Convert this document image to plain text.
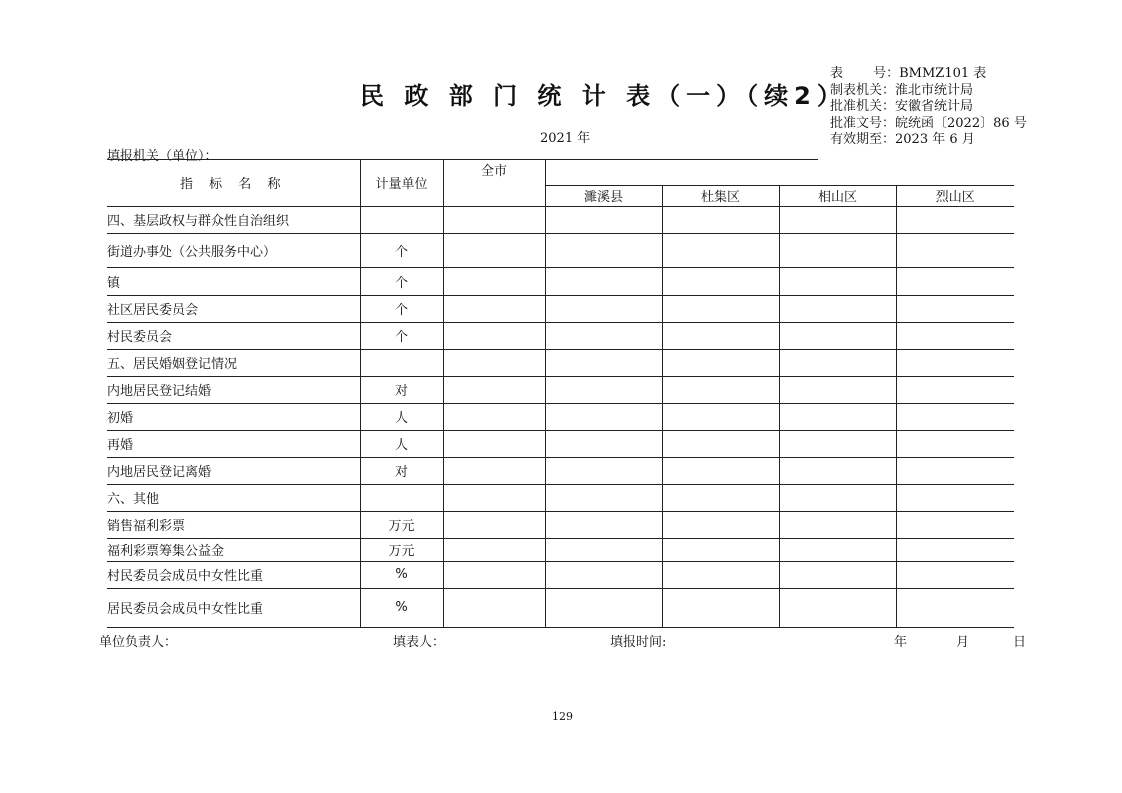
民 政 部 门 统 计 表（一）（续2）
2021 年
表　　 号：BMMZ101 表
制表机关：淮北市统计局
批准机关：安徽省统计局
批准文号：皖统函〔2022〕86 号
有效期至：2023 年 6 月
填报机关（单位）：
指 标 名 称	计量单位	全市				
			濉溪县	杜集区	相山区	烈山区
四、基层政权与群众性自治组织						
街道办事处（公共服务中心）	个					
镇	个					
社区居民委员会	个					
村民委员会	个					
五、居民婚姻登记情况						
内地居民登记结婚	对					
初婚	人					
再婚	人					
内地居民登记离婚	对					
六、其他						
销售福利彩票	万元					
福利彩票筹集公益金	万元					
村民委员会成员中女性比重	%					
居民委员会成员中女性比重	%					
单位负责人：	填表人：	填报时间:	年	月	日
129
